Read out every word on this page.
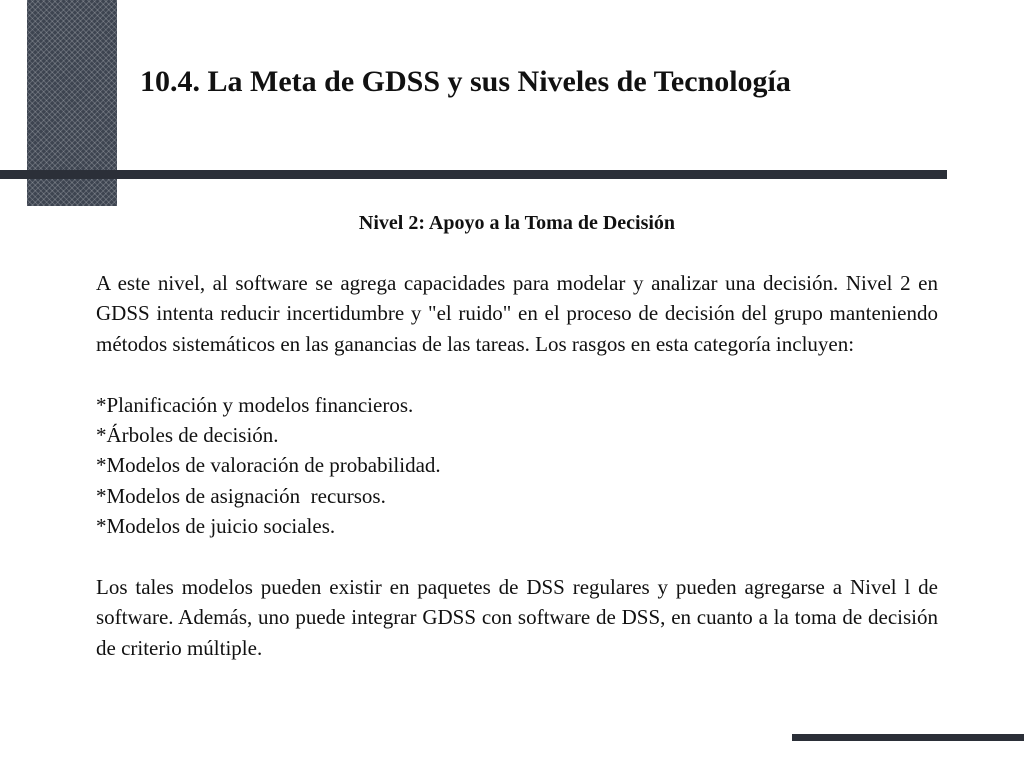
10.4. La Meta de GDSS y sus Niveles de Tecnología
Nivel 2: Apoyo a la Toma de Decisión

A este nivel, al software se agrega capacidades para modelar y analizar una decisión. Nivel 2 en GDSS intenta reducir incertidumbre y "el ruido" en el proceso de decisión del grupo manteniendo métodos sistemáticos en las ganancias de las tareas. Los rasgos en esta categoría incluyen:

*Planificación y modelos financieros.
*Árboles de decisión.
*Modelos de valoración de probabilidad.
*Modelos de asignación  recursos.
*Modelos de juicio sociales.

Los tales modelos pueden existir en paquetes de DSS regulares y pueden agregarse a Nivel l de software. Además, uno puede integrar GDSS con software de DSS, en cuanto a la toma de decisión de criterio múltiple.
